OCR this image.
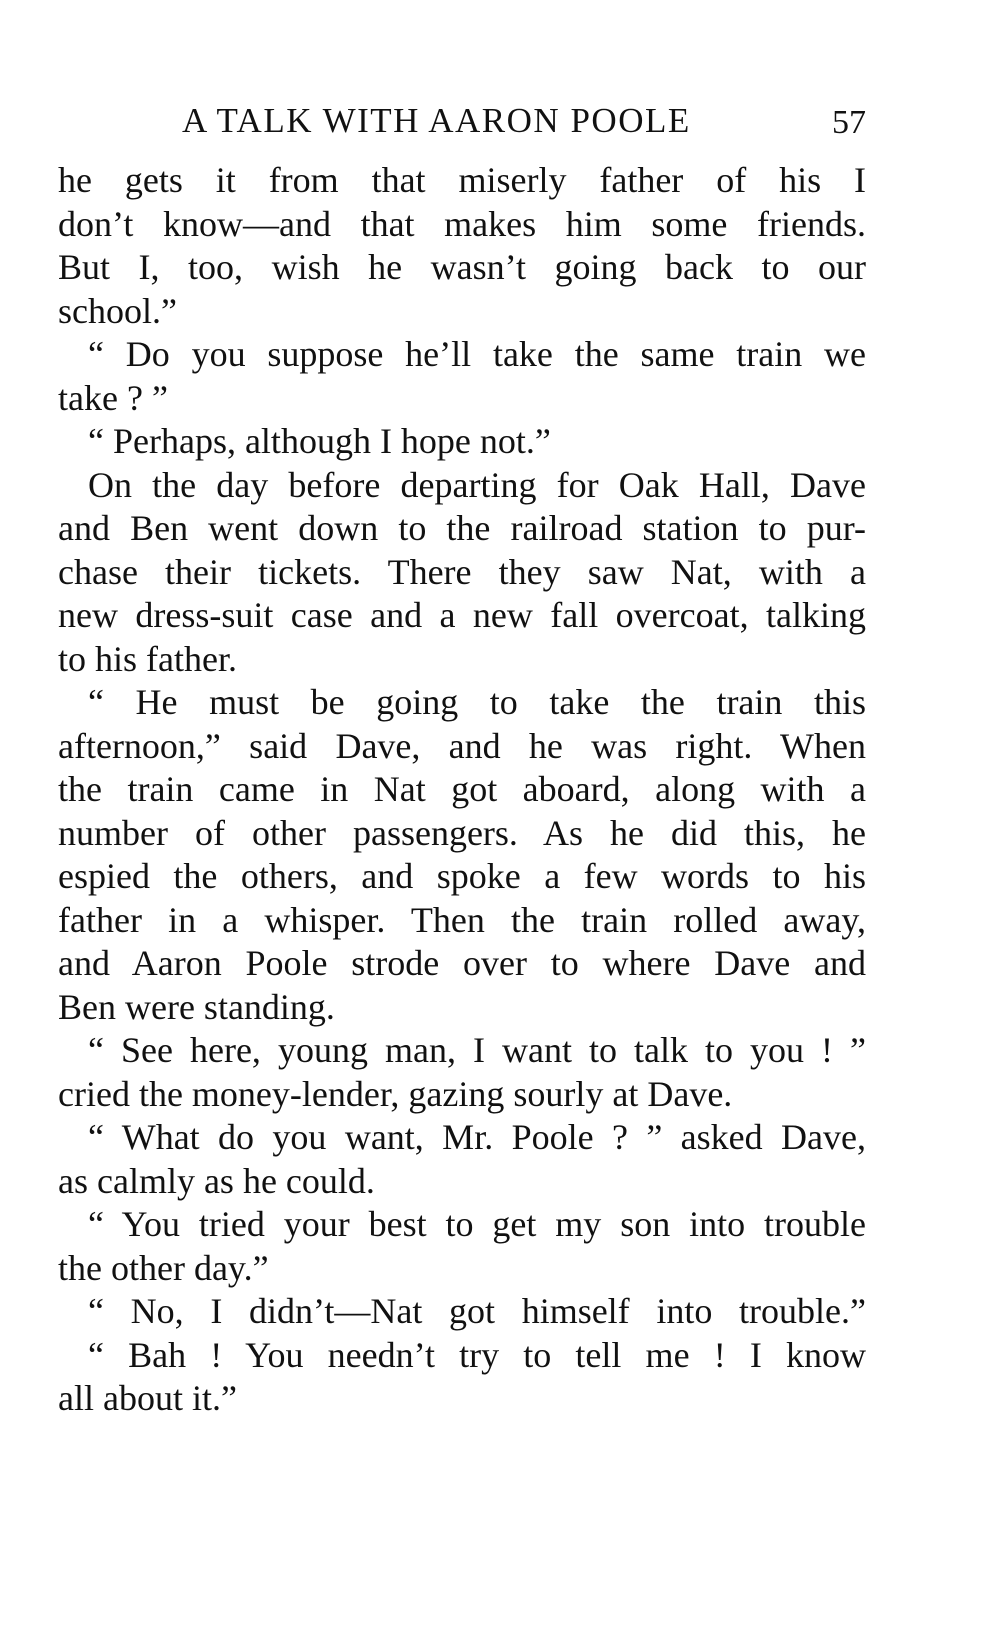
A TALK WITH AARON POOLE	57
he gets it from that miserly father of his I
don’t know—and that makes him some friends.
But I, too, wish he wasn’t going back to our
school.”
“ Do you suppose he’ll take the same train we
take ? ”
“ Perhaps, although I hope not.”
On the day before departing for Oak Hall, Dave
and Ben went down to the railroad station to pur-
chase their tickets. There they saw Nat, with a
new dress-suit case and a new fall overcoat, talking
to his father.
“ He must be going to take the train this
afternoon,” said Dave, and he was right. When
the train came in Nat got aboard, along with a
number of other passengers. As he did this, he
espied the others, and spoke a few words to his
father in a whisper. Then the train rolled away,
and Aaron Poole strode over to where Dave and
Ben were standing.
“ See here, young man, I want to talk to you ! ”
cried the money-lender, gazing sourly at Dave.
“ What do you want, Mr. Poole ? ” asked Dave,
as calmly as he could.
“ You tried your best to get my son into trouble
the other day.”
“ No, I didn’t—Nat got himself into trouble.”
“ Bah ! You needn’t try to tell me ! I know
all about it.”
